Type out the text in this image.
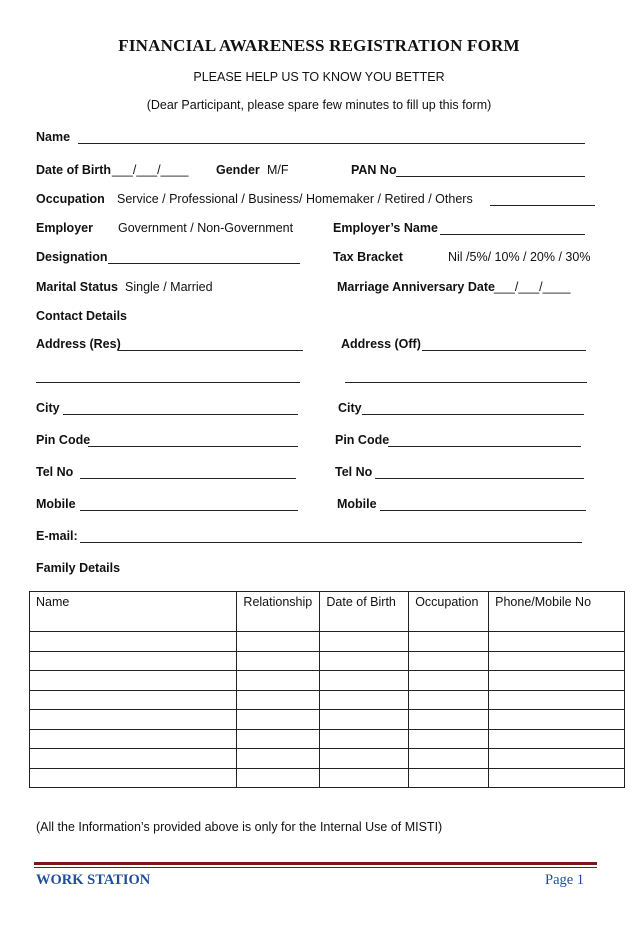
FINANCIAL AWARENESS REGISTRATION FORM
PLEASE HELP US TO KNOW YOU BETTER
(Dear Participant, please spare few minutes to fill up this form)
Name
Date of Birth ___/___/____ Gender M/F	PAN No
Occupation Service / Professional / Business/ Homemaker / Retired / Others
Employer Government / Non-Government	Employer’s Name
Designation	Tax Bracket	Nil /5%/ 10% / 20% / 30%
Marital Status Single / Married	Marriage Anniversary Date ___/___/____
Contact Details
Address (Res)	Address (Off)
City	City
Pin Code	Pin Code
Tel No	Tel No
Mobile	Mobile
E-mail:
Family Details
Name	Relationship	Date of Birth	Occupation	Phone/Mobile No

(All the Information’s provided above is only for the Internal Use of MISTI)
WORK STATION	Page 1
